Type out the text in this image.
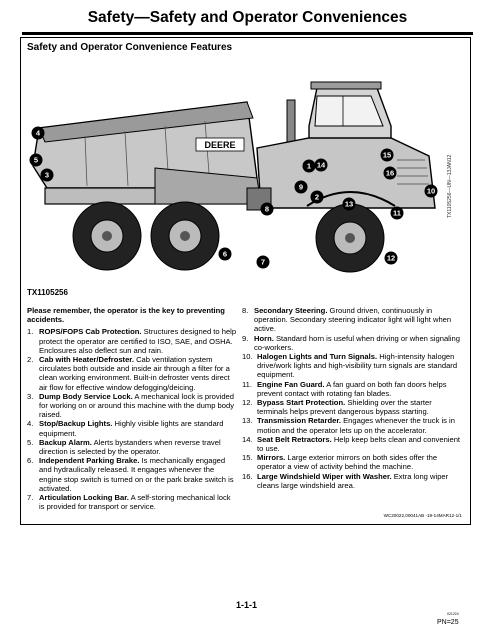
Safety—Safety and Operator Conveniences
Safety and Operator Convenience Features
DEERE
4
5
3
6
7
8
1
9
2
14
13
15
16
10
11
12
TX1105256—UN—13JAN12
TX1105256
Please remember, the operator is the key to preventing accidents.
1. ROPS/FOPS Cab Protection. Structures designed to help protect the operator are certified to ISO, SAE, and OSHA. Enclosures also deflect sun and rain.
2. Cab with Heater/Defroster. Cab ventilation system circulates both outside and inside air through a filter for a clean working environment. Built-in defroster vents direct air flow for effective window defogging/deicing.
3. Dump Body Service Lock. A mechanical lock is provided for working on or around this machine with the dump body raised.
4. Stop/Backup Lights. Highly visible lights are standard equipment.
5. Backup Alarm. Alerts bystanders when reverse travel direction is selected by the operator.
6. Independent Parking Brake. Is mechanically engaged and hydraulically released. It engages whenever the engine stop switch is turned on or the park brake switch is activated.
7. Articulation Locking Bar. A self-storing mechanical lock is provided for transport or service.
8. Secondary Steering. Ground driven, continuously in operation. Secondary steering indicator light will light when active.
9. Horn. Standard horn is useful when driving or when signaling co-workers.
10. Halogen Lights and Turn Signals. High-intensity halogen drive/work lights and high-visibility turn signals are standard equipment.
11. Engine Fan Guard. A fan guard on both fan doors helps prevent contact with rotating fan blades.
12. Bypass Start Protection. Shielding over the starter terminals helps prevent dangerous bypass starting.
13. Transmission Retarder. Engages whenever the truck is in motion and the operator lets up on the accelerator.
14. Seat Belt Retractors. Help keep belts clean and convenient to use.
15. Mirrors. Large exterior mirrors on both sides offer the operator a view of activity behind the machine.
16. Large Windshield Wiper with Washer. Extra long wiper cleans large windshield area.
WC20022,00041AB -19-14MAR12-1/1
1-1-1
021224
PN=25
